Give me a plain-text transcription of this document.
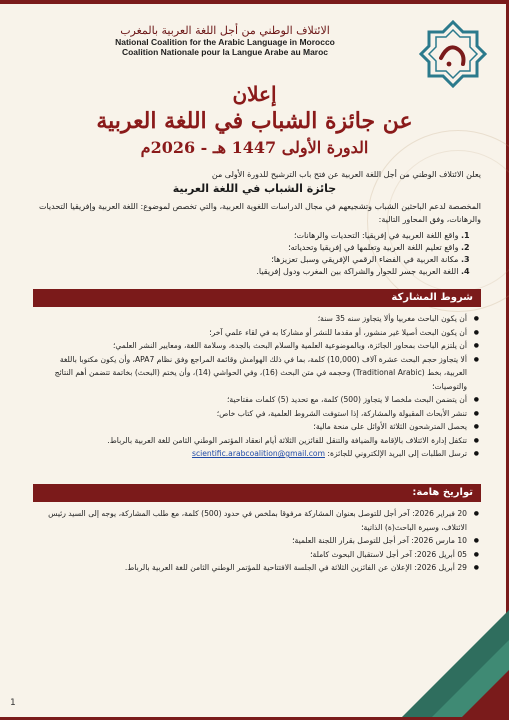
الائتلاف الوطني من أجل اللغة العربية بالمغرب
National Coalition for the Arabic Language in Morocco
Coalition Nationale pour la Langue Arabe au Maroc
إعلان
عن جائزة الشباب في اللغة العربية
الدورة الأولى 1447 هـ - 2026م
يعلن الائتلاف الوطني من أجل اللغة العربية عن فتح باب الترشيح للدورة الأولى من
جائزة الشباب في اللغة العربية
المخصصة لدعم الباحثين الشباب وتشجيعهم في مجال الدراسات اللغوية العربية، والتي تخصص لموضوع: اللغة العربية وإفريقيا التحديات والرهانات، وفق المحاور التالية:
1. واقع اللغة العربية في إفريقيا: التحديات والرهانات؛
2. واقع تعليم اللغة العربية وتعلمها في إفريقيا وتحدياته؛
3. مكانة العربية في الفضاء الرقمي الإفريقي وسبل تعزيزها؛
4. اللغة العربية جسر للحوار والشراكة بين المغرب ودول إفريقيا.
شروط المشاركة
● أن يكون الباحث مغربيا وألا يتجاوز سنه 35 سنة؛
● أن يكون البحث أصيلا غير منشور، أو مقدما للنشر أو مشاركا به في لقاء علمي آخر؛
● أن يلتزم الباحث بمحاور الجائزة، وبالموضوعية العلمية والسلام البحث بالجدة، وسلامة اللغة، ومعايير النشر العلمي؛
● ألا يتجاوز حجم البحث عشرة آلاف (10,000) كلمة، بما في ذلك الهوامش وقائمة المراجع وفق نظام APA7، وأن يكون مكتوبا باللغة العربية، بخط (Traditional Arabic) وحجمه في متن البحث (16)، وفي الحواشي (14)، وأن يختم (البحث) بخاتمة تتضمن أهم النتائج والتوصيات؛
● أن يتضمن البحث ملخصا لا يتجاوز (500) كلمة، مع تحديد (5) كلمات مفتاحية؛
● تنشر الأبحاث المقبولة والمشاركة، إذا استوفت الشروط العلمية، في كتاب خاص؛
● يحصل المترشحون الثلاثة الأوائل على منحة مالية؛
● تتكفل إدارة الائتلاف بالإقامة والضيافة والتنقل للفائزين الثلاثة أيام انعقاد المؤتمر الوطني الثامن للغة العربية بالرباط.
● ترسل الطلبات إلى البريد الإلكتروني للجائزة: scientific.arabcoalition@gmail.com
تواريخ هامة:
● 20 فبراير 2026: آخر أجل للتوصل بعنوان المشاركة مرفوقا بملخص في حدود (500) كلمة، مع طلب المشاركة، يوجه إلى السيد رئيس الائتلاف، وسيرة الباحث(ة) الذاتية؛
● 10 مارس 2026: آخر أجل للتوصل بقرار اللجنة العلمية؛
● 05 أبريل 2026: آخر أجل لاستقبال البحوث كاملة؛
● 29 أبريل 2026: الإعلان عن الفائزين الثلاثة في الجلسة الافتتاحية للمؤتمر الوطني الثامن للغة العربية بالرباط.
1
